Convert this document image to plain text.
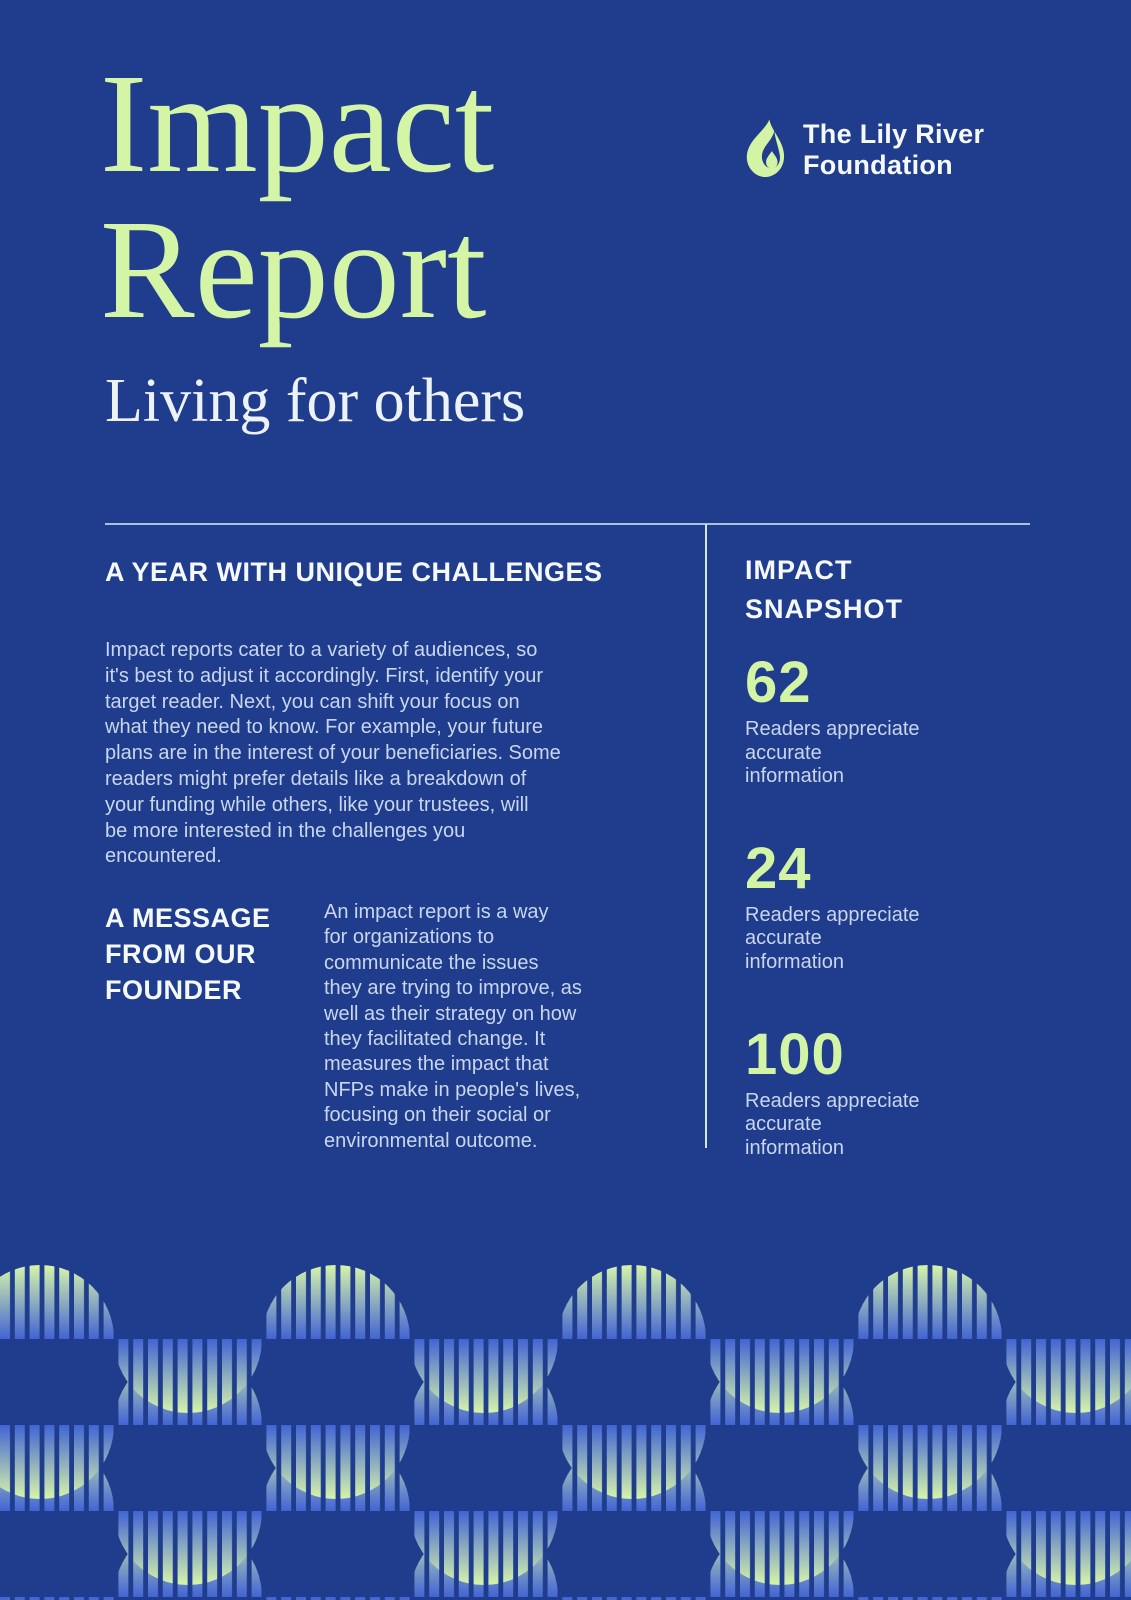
Impact
Report
The Lily River
Foundation
Living for others
A YEAR WITH UNIQUE CHALLENGES
Impact reports cater to a variety of audiences, so
it's best to adjust it accordingly. First, identify your
target reader. Next, you can shift your focus on
what they need to know. For example, your future
plans are in the interest of your beneficiaries. Some
readers might prefer details like a breakdown of
your funding while others, like your trustees, will
be more interested in the challenges you
encountered.
A MESSAGE
FROM OUR
FOUNDER
An impact report is a way
for organizations to
communicate the issues
they are trying to improve, as
well as their strategy on how
they facilitated change. It
measures the impact that
NFPs make in people's lives,
focusing on their social or
environmental outcome.
IMPACT
SNAPSHOT
62
Readers appreciate
accurate
information
24
Readers appreciate
accurate
information
100
Readers appreciate
accurate
information
